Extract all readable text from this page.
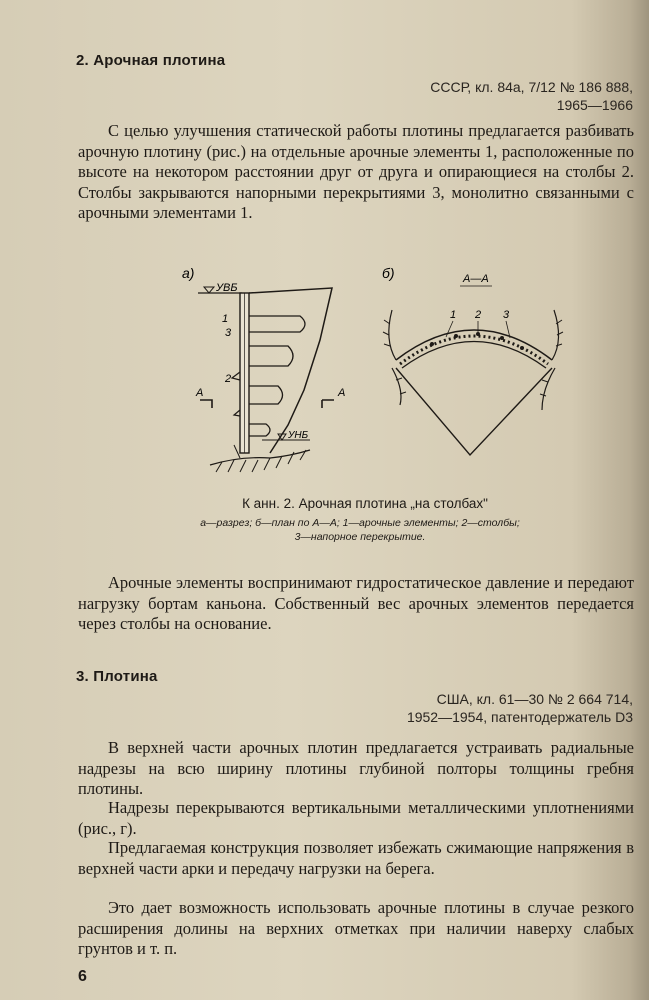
2. Арочная плотина
СССР, кл. 84а, 7/12 № 186 888,
1965—1966

С целью улучшения статической работы плотины предлагается разбивать арочную плотину (рис.) на отдельные арочные элементы 1, расположенные по высоте на некотором расстоянии друг от друга и опирающиеся на столбы 2. Столбы закрываются напорными перекрытиями 3, монолитно связанными с арочными элементами 1.

а)
УВБ
1
3
2
А	А
УНБ
б)	А—А
1 2 3
К анн. 2. Арочная плотина „на столбах"
а—разрез; б—план по А—А; 1—арочные элементы; 2—столбы;
3—напорное перекрытие.

Арочные элементы воспринимают гидростатическое давление и передают нагрузку бортам каньона. Собственный вес арочных элементов передается через столбы на основание.

3. Плотина
США, кл. 61—30 № 2 664 714,
1952—1954, патентодержатель D3

В верхней части арочных плотин предлагается устраивать радиальные надрезы на всю ширину плотины глубиной полторы толщины гребня плотины.

Надрезы перекрываются вертикальными металлическими уплотнениями (рис., г).

Предлагаемая конструкция позволяет избежать сжимающие напряжения в верхней части арки и передачу нагрузки на берега.

Это дает возможность использовать арочные плотины в случае резкого расширения долины на верхних отметках при наличии наверху слабых грунтов и т. п.

6
